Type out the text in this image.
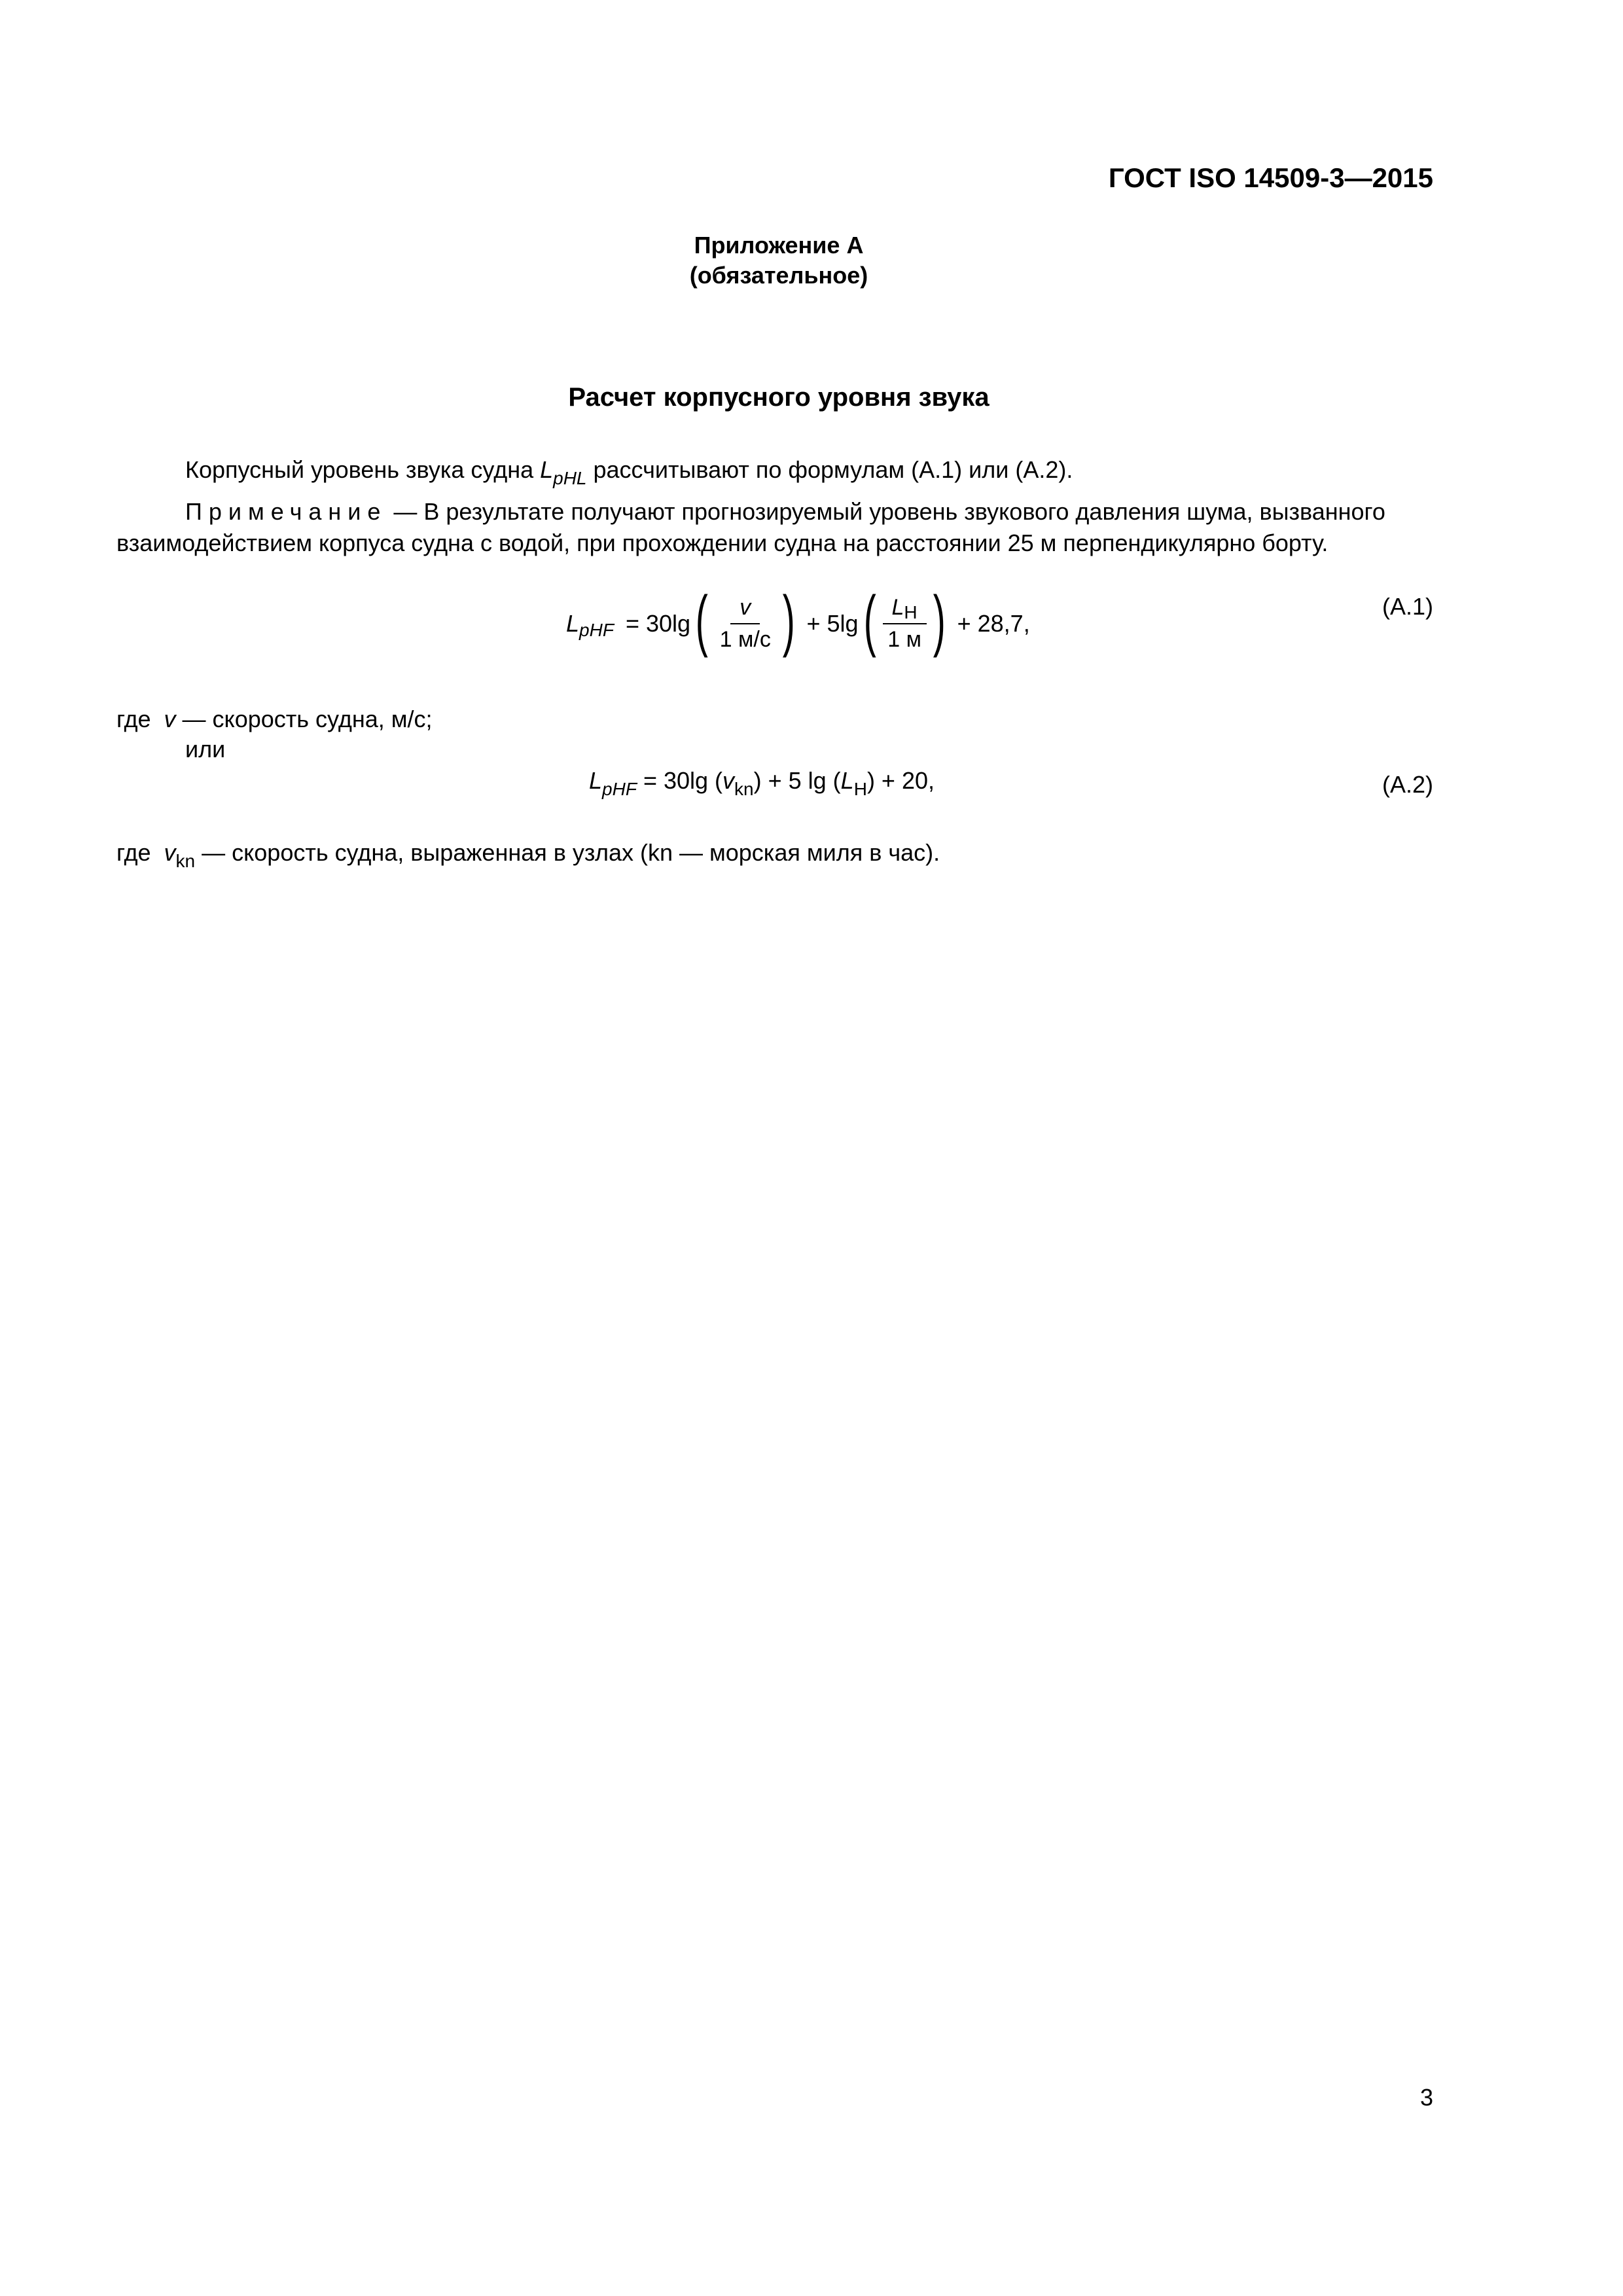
ГОСТ ISO 14509-3—2015
Приложение А
(обязательное)
Расчет корпусного уровня звука
Корпусный уровень звука судна $L_{pHL}$ рассчитывают по формулам (А.1) или (А.2).
Примечание — В результате получают прогнозируемый уровень звукового давления шума, вызванного взаимодействием корпуса судна с водой, при прохождении судна на расстоянии 25 м перпендикулярно борту.
L pHF = 30lg ( $\frac{v}{1 м/с}$ ) + 5lg ( $\frac{LH}{1 м}$ ) + 28,7,
(А.1)
где  v — скорость судна, м/с;
или
$L_{pHF} = 30\lg$ $(v_{kn}) + 5$ $\lg (L_H) + 20$,	(А.2)
где  $v_{kn}$ — скорость судна, выраженная в узлах (kn — морская миля в час).
3
